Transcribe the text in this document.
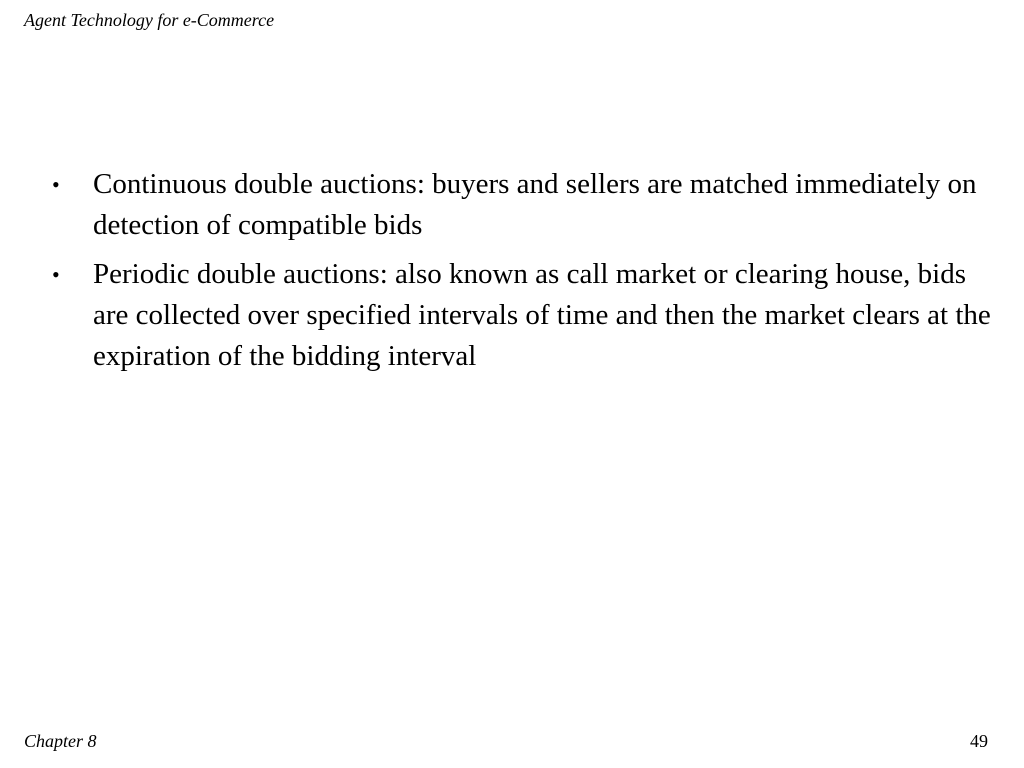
Agent Technology for e-Commerce
• Continuous double auctions: buyers and sellers are matched immediately on detection of compatible bids
• Periodic double auctions: also known as call market or clearing house, bids are collected over specified intervals of time and then the market clears at the expiration of the bidding interval
Chapter 8	49
